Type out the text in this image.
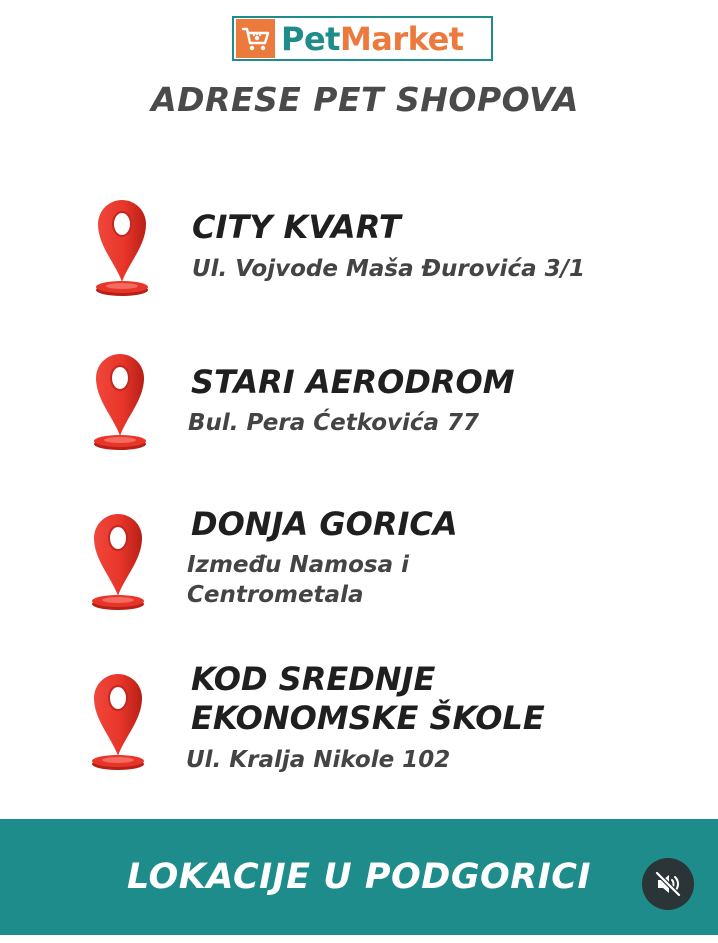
PetMarket
ADRESE PET SHOPOVA
CITY KVART
Ul. Vojvode Maša Đurovića 3/1
STARI AERODROM
Bul. Pera Ćetkovića 77
DONJA GORICA
Između Namosa i
Centrometala
KOD SREDNJE
EKONOMSKE ŠKOLE
Ul. Kralja Nikole 102
LOKACIJE U PODGORICI
